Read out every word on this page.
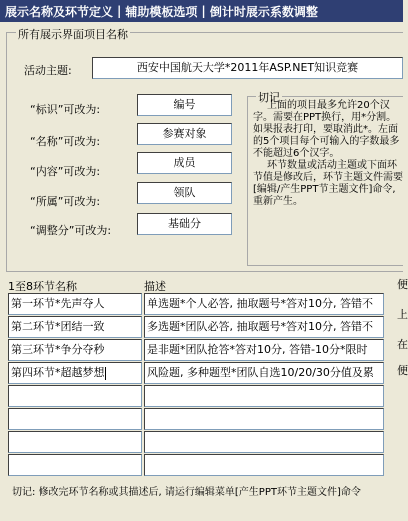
展示名称及环节定义 | 辅助模板选项 | 倒计时展示系数调整
所有展示界面项目名称
活动主题:	西安中国航天大学*2011年ASP.NET知识竞赛
“标识”可改为:	编号
“名称”可改为:
参赛对象
“内容”可改为:
成员
“所属”可改为:
领队
“调整分”可改为:
基础分
切记

上面的项目最多允许20个汉字。需要在PPT换行，用*分割。如果报表打印，要取消此*。左面的5个项目每个可输入的字数最多不能超过6个汉字。

环节数量或活动主题或下面环节值是修改后，环节主题文件需要[编辑/产生PPT节主题文件]命令,重新产生。

1至8环节名称	描述
第一环节*先声夺人	单选题*个人必答, 抽取题号*答对10分, 答错不
第二环节*团结一致	多选题*团队必答, 抽取题号*答对10分, 答错不
第三环节*争分夺秒	是非题*团队抢答*答对10分, 答错-10分*限时
第四环节*超越梦想	风险题, 多种题型*团队自选10/20/30分值及累
便
上
在
便
切记: 修改完环节名称或其描述后, 请运行编辑菜单[产生PPT环节主题文件]命令
